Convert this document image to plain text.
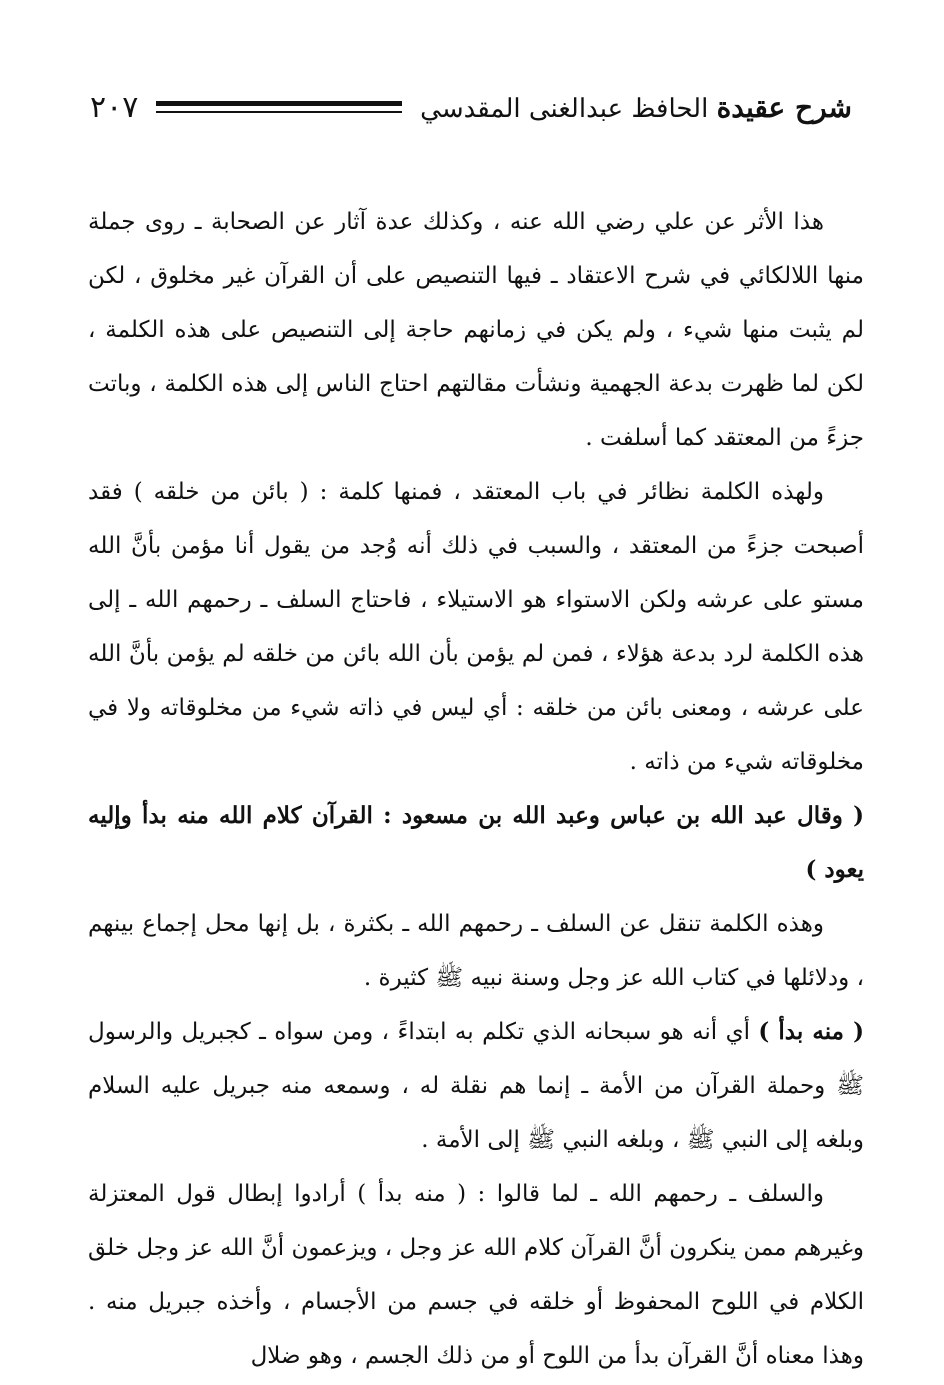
شرح عقيدة الحافظ عبدالغنى المقدسي
٢٠٧

هذا الأثر عن علي رضي الله عنه ، وكذلك عدة آثار عن الصحابة ـ روى جملة منها اللالكائي في شرح الاعتقاد ـ فيها التنصيص على أن القرآن غير مخلوق ، لكن لم يثبت منها شيء ، ولم يكن في زمانهم حاجة إلى التنصيص على هذه الكلمة ، لكن لما ظهرت بدعة الجهمية ونشأت مقالتهم احتاج الناس إلى هذه الكلمة ، وباتت جزءً من المعتقد كما أسلفت .

ولهذه الكلمة نظائر في باب المعتقد ، فمنها كلمة : ( بائن من خلقه ) فقد أصبحت جزءً من المعتقد ، والسبب في ذلك أنه وُجد من يقول أنا مؤمن بأنَّ الله مستو على عرشه ولكن الاستواء هو الاستيلاء ، فاحتاج السلف ـ رحمهم الله ـ إلى هذه الكلمة لرد بدعة هؤلاء ، فمن لم يؤمن بأن الله بائن من خلقه لم يؤمن بأنَّ الله على عرشه ، ومعنى بائن من خلقه : أي ليس في ذاته شيء من مخلوقاته ولا في مخلوقاته شيء من ذاته .

( وقال عبد الله بن عباس وعبد الله بن مسعود : القرآن كلام الله منه بدأ وإليه يعود )

وهذه الكلمة تنقل عن السلف ـ رحمهم الله ـ بكثرة ، بل إنها محل إجماع بينهم ، ودلائلها في كتاب الله عز وجل وسنة نبيه ﷺ كثيرة .

( منه بدأ ) أي أنه هو سبحانه الذي تكلم به ابتداءً ، ومن سواه ـ كجبريل والرسول ﷺ وحملة القرآن من الأمة ـ إنما هم نقلة له ، وسمعه منه جبريل عليه السلام وبلغه إلى النبي ﷺ ، وبلغه النبي ﷺ إلى الأمة .

والسلف ـ رحمهم الله ـ لما قالوا : ( منه بدأ ) أرادوا إبطال قول المعتزلة وغيرهم ممن ينكرون أنَّ القرآن كلام الله عز وجل ، ويزعمون أنَّ الله عز وجل خلق الكلام في اللوح المحفوظ أو خلقه في جسم من الأجسام ، وأخذه جبريل منه . وهذا معناه أنَّ القرآن بدأ من اللوح أو من ذلك الجسم ، وهو ضلال
